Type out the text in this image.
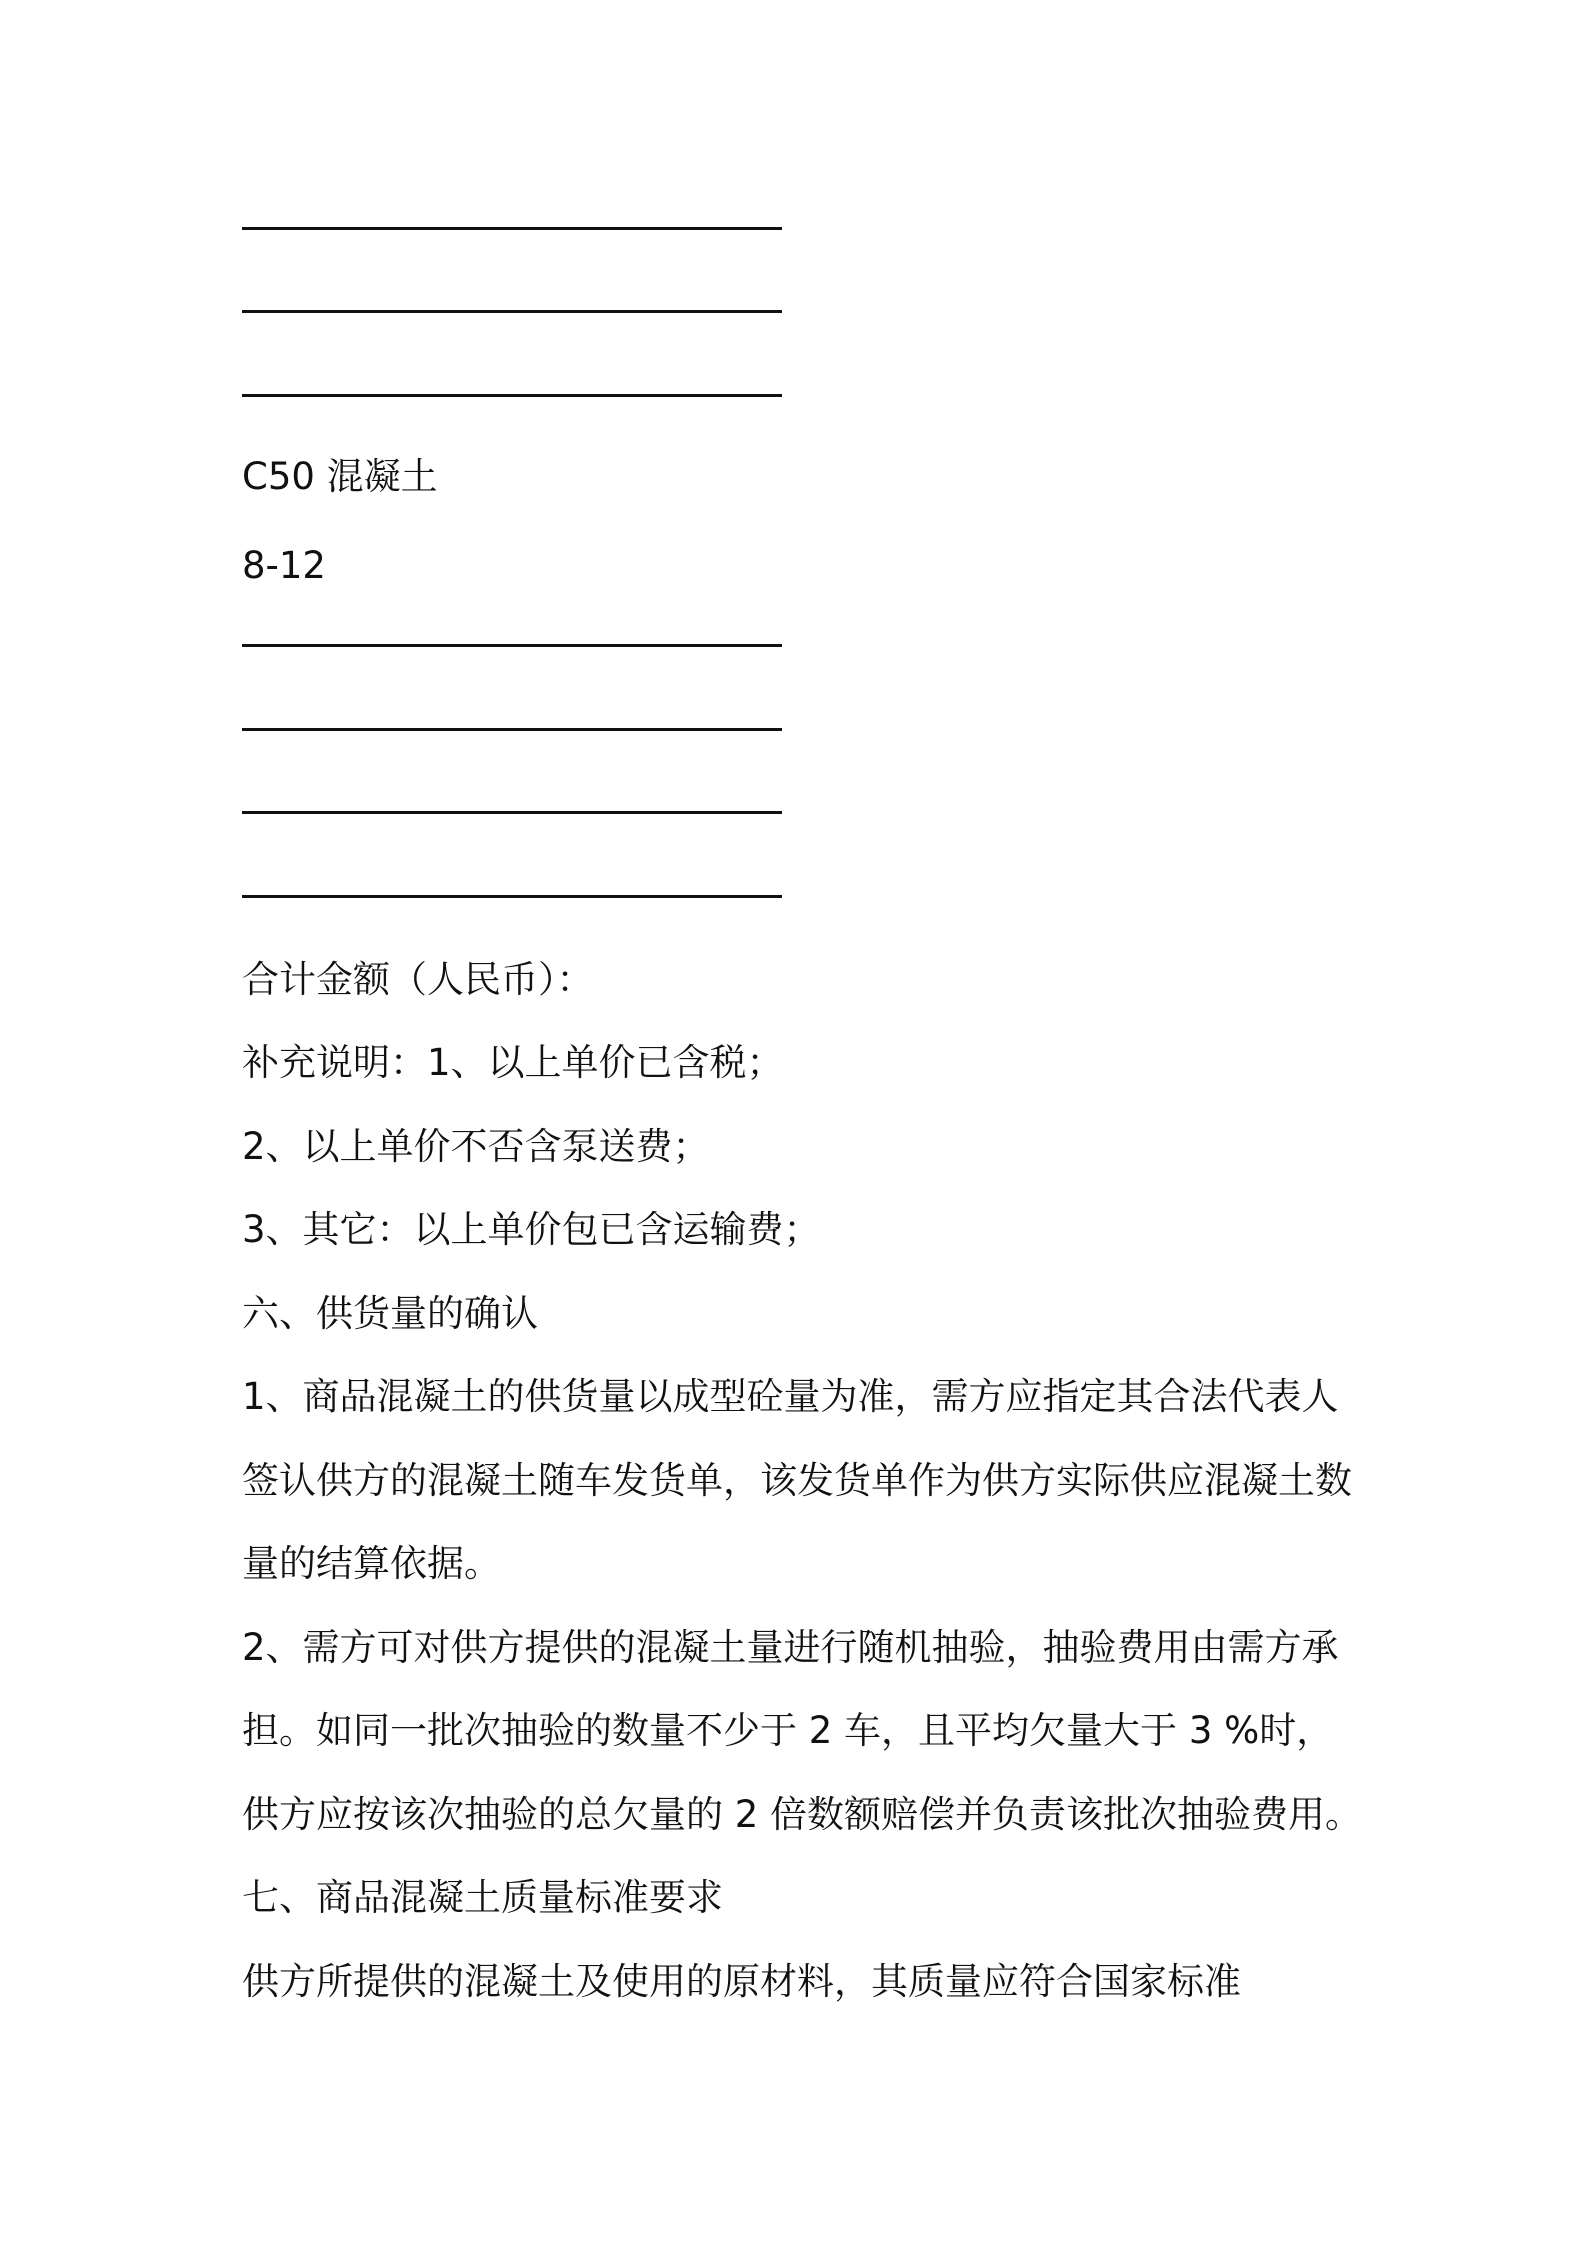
C50 混凝土
8-12
合计金额（人民币）：
补充说明：1、以上单价已含税；
2、以上单价不否含泵送费；
3、其它：以上单价包已含运输费；
六、供货量的确认
1、商品混凝土的供货量以成型砼量为准，需方应指定其合法代表人
签认供方的混凝土随车发货单，该发货单作为供方实际供应混凝土数
量的结算依据。
2、需方可对供方提供的混凝土量进行随机抽验，抽验费用由需方承
担。如同一批次抽验的数量不少于 2 车，且平均欠量大于 3 %时，
供方应按该次抽验的总欠量的 2 倍数额赔偿并负责该批次抽验费用。
七、商品混凝土质量标准要求
供方所提供的混凝土及使用的原材料，其质量应符合国家标准
